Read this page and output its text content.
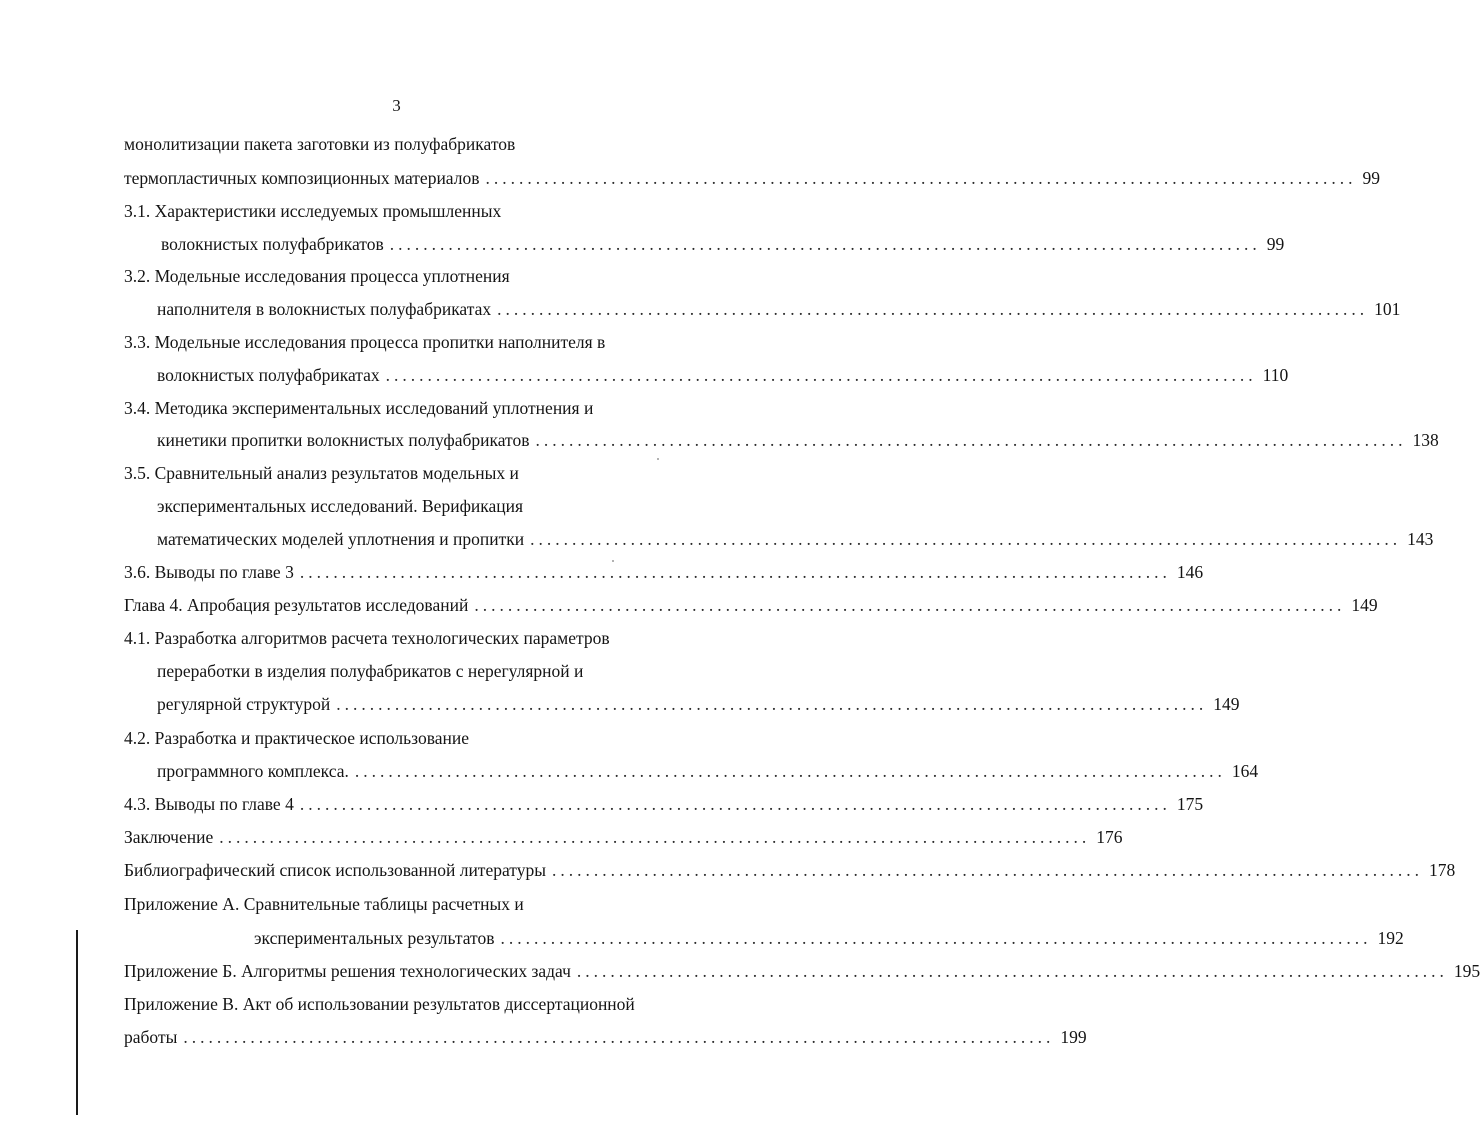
3
монолитизации пакета заготовки из полуфабрикатов
термопластичных композиционных материалов ........................................................................................................ 99
3.1. Характеристики исследуемых промышленных
волокнистых полуфабрикатов ........................................................................................................ 99
3.2. Модельные исследования процесса уплотнения
наполнителя в волокнистых полуфабрикатах ........................................................................................................ 101
3.3. Модельные исследования процесса пропитки наполнителя в
волокнистых полуфабрикатах ........................................................................................................ 110
3.4. Методика экспериментальных исследований уплотнения и
кинетики пропитки волокнистых полуфабрикатов ........................................................................................................ 138
3.5. Сравнительный анализ результатов модельных и
экспериментальных исследований. Верификация
математических моделей уплотнения и пропитки ........................................................................................................ 143
3.6. Выводы по главе 3 ........................................................................................................ 146
Глава 4. Апробация результатов исследований ........................................................................................................ 149
4.1. Разработка алгоритмов расчета технологических параметров
переработки в изделия полуфабрикатов с нерегулярной и
регулярной структурой ........................................................................................................ 149
4.2. Разработка и практическое использование
программного комплекса. ........................................................................................................ 164
4.3. Выводы по главе 4 ........................................................................................................ 175
Заключение ........................................................................................................ 176
Библиографический список использованной литературы ........................................................................................................ 178
Приложение А. Сравнительные таблицы расчетных и
экспериментальных результатов ........................................................................................................ 192
Приложение Б. Алгоритмы решения технологических задач ........................................................................................................ 195
Приложение В. Акт об использовании результатов диссертационной
работы ........................................................................................................ 199
